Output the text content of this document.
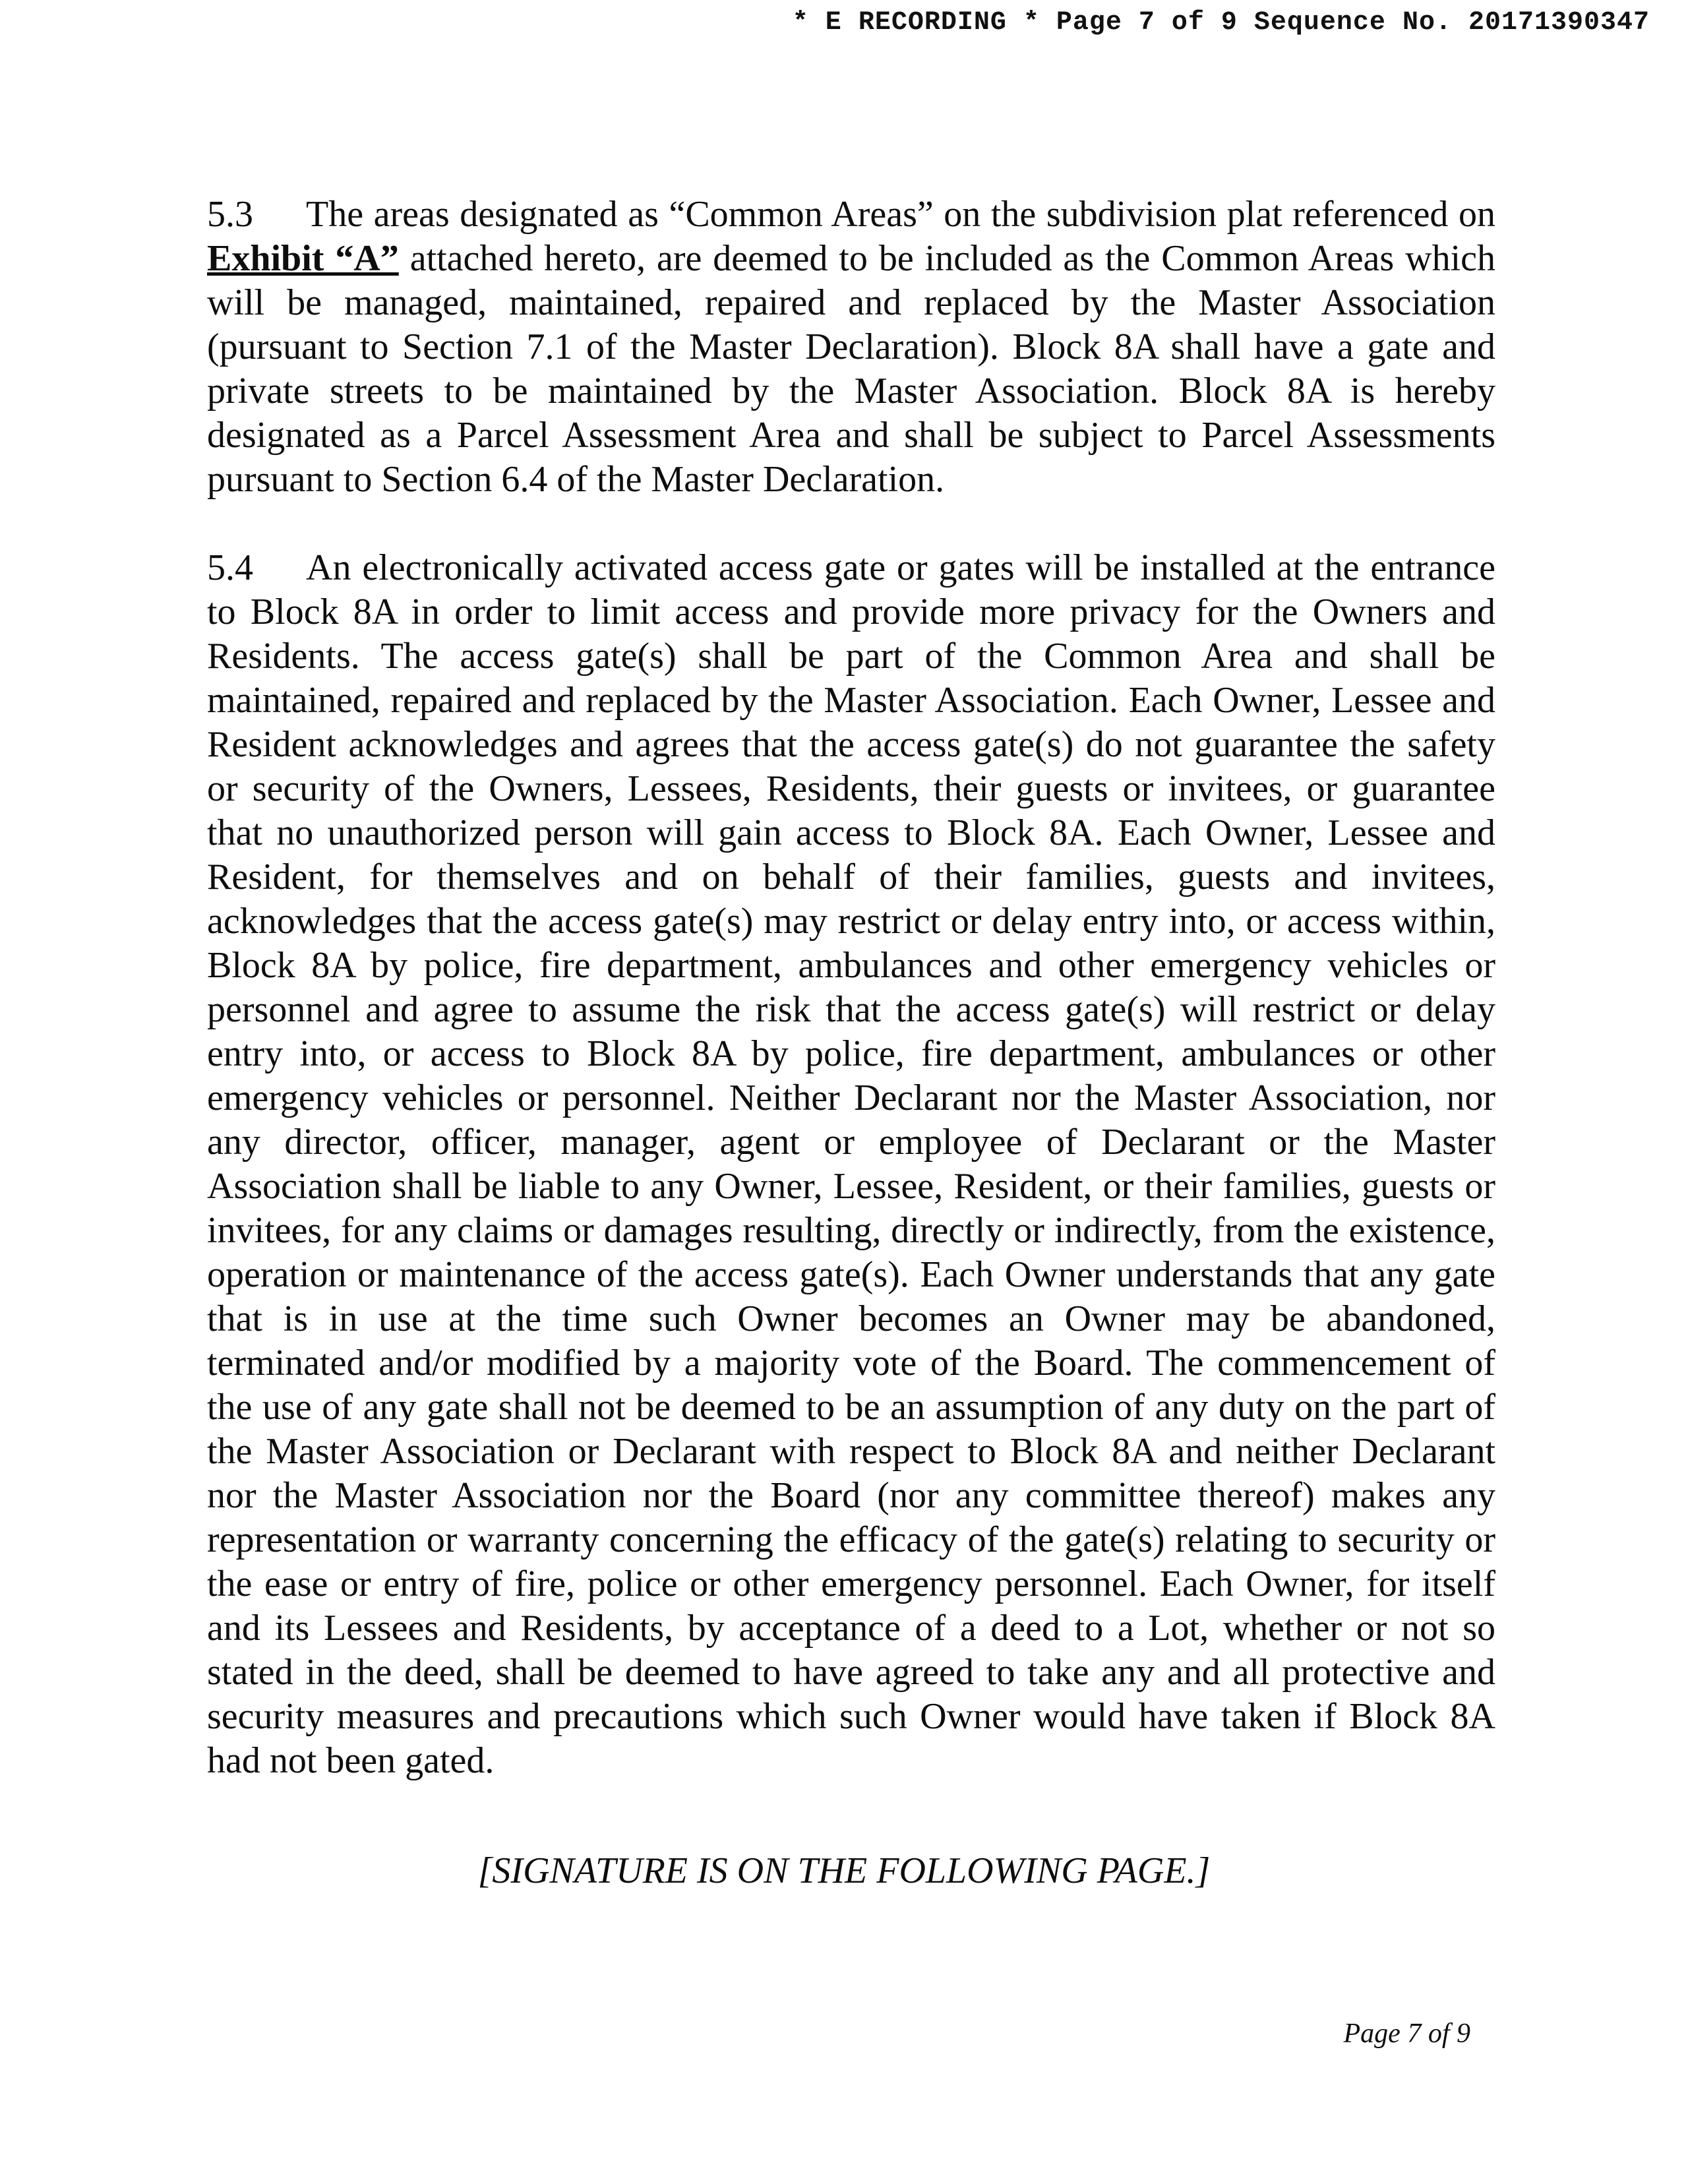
* E RECORDING * Page 7 of 9 Sequence No. 20171390347

5.3 The areas designated as “Common Areas” on the subdivision plat referenced on Exhibit “A” attached hereto, are deemed to be included as the Common Areas which will be managed, maintained, repaired and replaced by the Master Association (pursuant to Section 7.1 of the Master Declaration). Block 8A shall have a gate and private streets to be maintained by the Master Association. Block 8A is hereby designated as a Parcel Assessment Area and shall be subject to Parcel Assessments pursuant to Section 6.4 of the Master Declaration.

5.4 An electronically activated access gate or gates will be installed at the entrance to Block 8A in order to limit access and provide more privacy for the Owners and Residents. The access gate(s) shall be part of the Common Area and shall be maintained, repaired and replaced by the Master Association. Each Owner, Lessee and Resident acknowledges and agrees that the access gate(s) do not guarantee the safety or security of the Owners, Lessees, Residents, their guests or invitees, or guarantee that no unauthorized person will gain access to Block 8A. Each Owner, Lessee and Resident, for themselves and on behalf of their families, guests and invitees, acknowledges that the access gate(s) may restrict or delay entry into, or access within, Block 8A by police, fire department, ambulances and other emergency vehicles or personnel and agree to assume the risk that the access gate(s) will restrict or delay entry into, or access to Block 8A by police, fire department, ambulances or other emergency vehicles or personnel. Neither Declarant nor the Master Association, nor any director, officer, manager, agent or employee of Declarant or the Master Association shall be liable to any Owner, Lessee, Resident, or their families, guests or invitees, for any claims or damages resulting, directly or indirectly, from the existence, operation or maintenance of the access gate(s). Each Owner understands that any gate that is in use at the time such Owner becomes an Owner may be abandoned, terminated and/or modified by a majority vote of the Board. The commencement of the use of any gate shall not be deemed to be an assumption of any duty on the part of the Master Association or Declarant with respect to Block 8A and neither Declarant nor the Master Association nor the Board (nor any committee thereof) makes any representation or warranty concerning the efficacy of the gate(s) relating to security or the ease or entry of fire, police or other emergency personnel. Each Owner, for itself and its Lessees and Residents, by acceptance of a deed to a Lot, whether or not so stated in the deed, shall be deemed to have agreed to take any and all protective and security measures and precautions which such Owner would have taken if Block 8A had not been gated.

[SIGNATURE IS ON THE FOLLOWING PAGE.]
Page 7 of 9
